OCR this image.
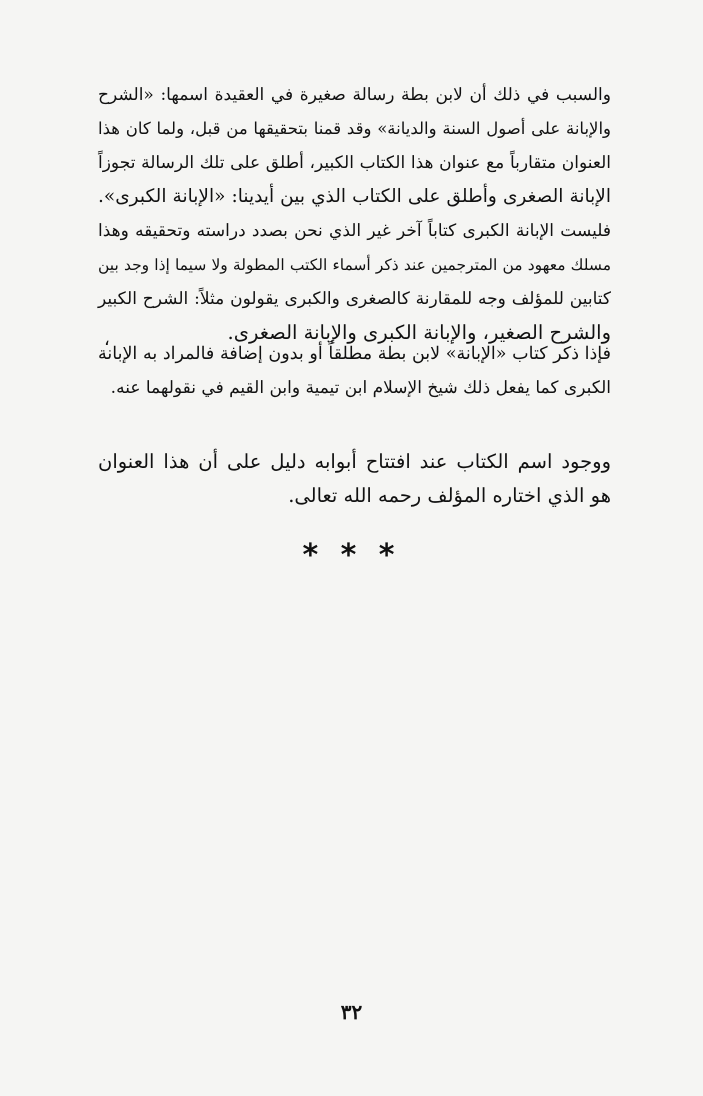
والسبب في ذلك أن لابن بطة رسالة صغيرة في العقيدة اسمها: «الشرح
والإبانة على أصول السنة والديانة» وقد قمنا بتحقيقها من قبل، ولما كان هذا
العنوان متقارباً مع عنوان هذا الكتاب الكبير، أطلق على تلك الرسالة تجوزاً
الإبانة الصغرى وأطلق على الكتاب الذي بين أيدينا: «الإبانة الكبرى».
فليست الإبانة الكبرى كتاباً آخر غير الذي نحن بصدد دراسته وتحقيقه وهذا
مسلك معهود من المترجمين عند ذكر أسماء الكتب المطولة ولا سيما إذا وجد بين
كتابين للمؤلف وجه للمقارنة كالصغرى والكبرى يقولون مثلاً: الشرح الكبير
والشرح الصغير، والإبانة الكبرى والإبانة الصغرى.
،
فإذا ذكر كتاب «الإبانة» لابن بطة مطلقاً أو بدون إضافة فالمراد به الإبانة
الكبرى كما يفعل ذلك شيخ الإسلام ابن تيمية وابن القيم في نقولهما عنه.
ووجود اسم الكتاب عند افتتاح أبوابه دليل على أن هذا العنوان
هو الذي اختاره المؤلف رحمه الله تعالى.
* * *
٣٢
